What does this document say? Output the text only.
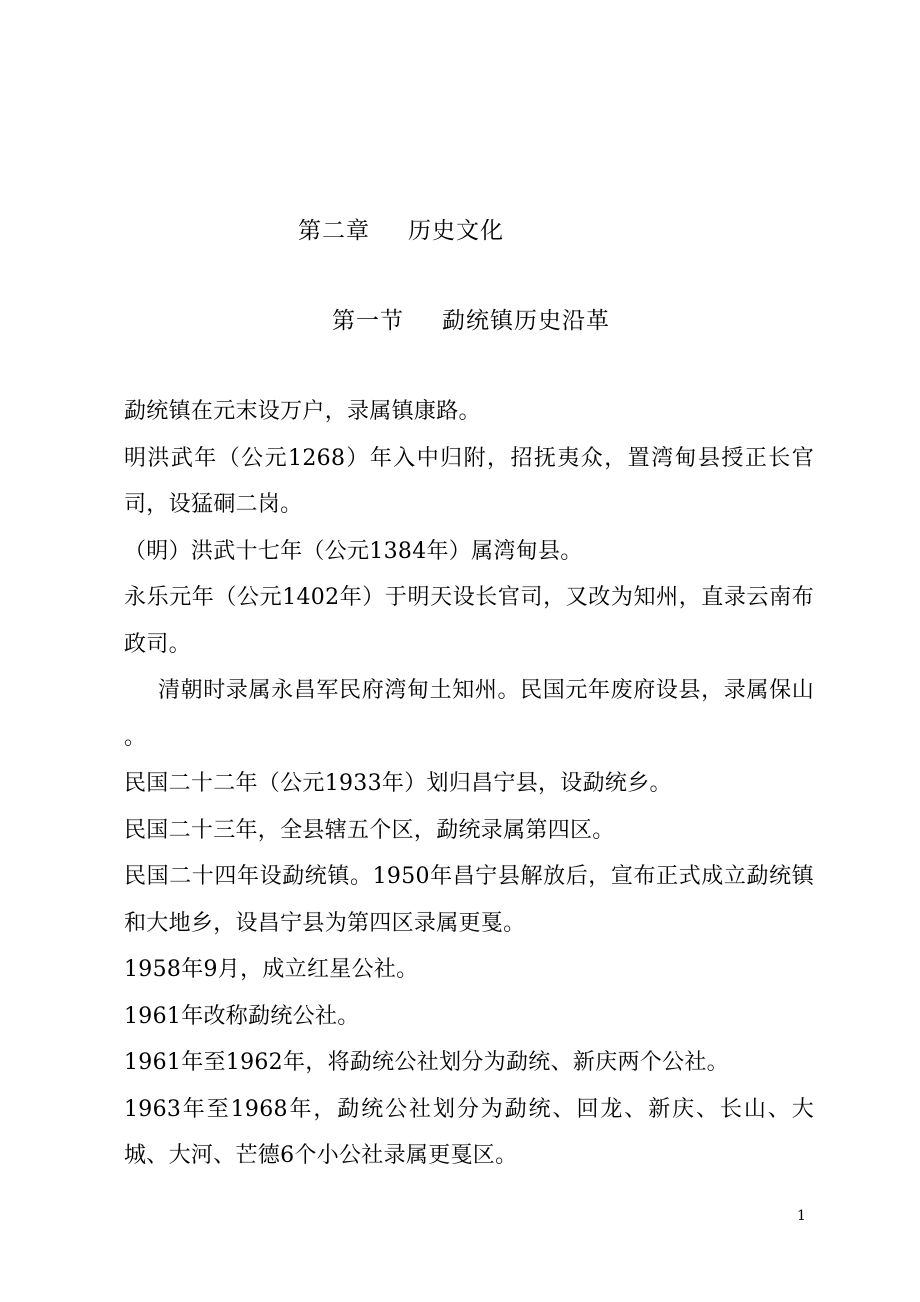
第二章 历史文化
第一节 勐统镇历史沿革

勐统镇在元末设万户，录属镇康路。

明洪武年（公元1268）年入中归附，招抚夷众，置湾甸县授正长官司，设猛硐二岗。

（明）洪武十七年（公元1384年）属湾甸县。

永乐元年（公元1402年）于明天设长官司，又改为知州，直录云南布政司。

清朝时录属永昌军民府湾甸土知州。民国元年废府设县，录属保山 。

民国二十二年（公元1933年）划归昌宁县，设勐统乡。

民国二十三年，全县辖五个区，勐统录属第四区。

民国二十四年设勐统镇。1950年昌宁县解放后，宣布正式成立勐统镇和大地乡，设昌宁县为第四区录属更戛。

1958年9月，成立红星公社。

1961年改称勐统公社。

1961年至1962年，将勐统公社划分为勐统、新庆两个公社。

1963年至1968年，勐统公社划分为勐统、回龙、新庆、长山、大城、大河、芒德6个小公社录属更戛区。

1
